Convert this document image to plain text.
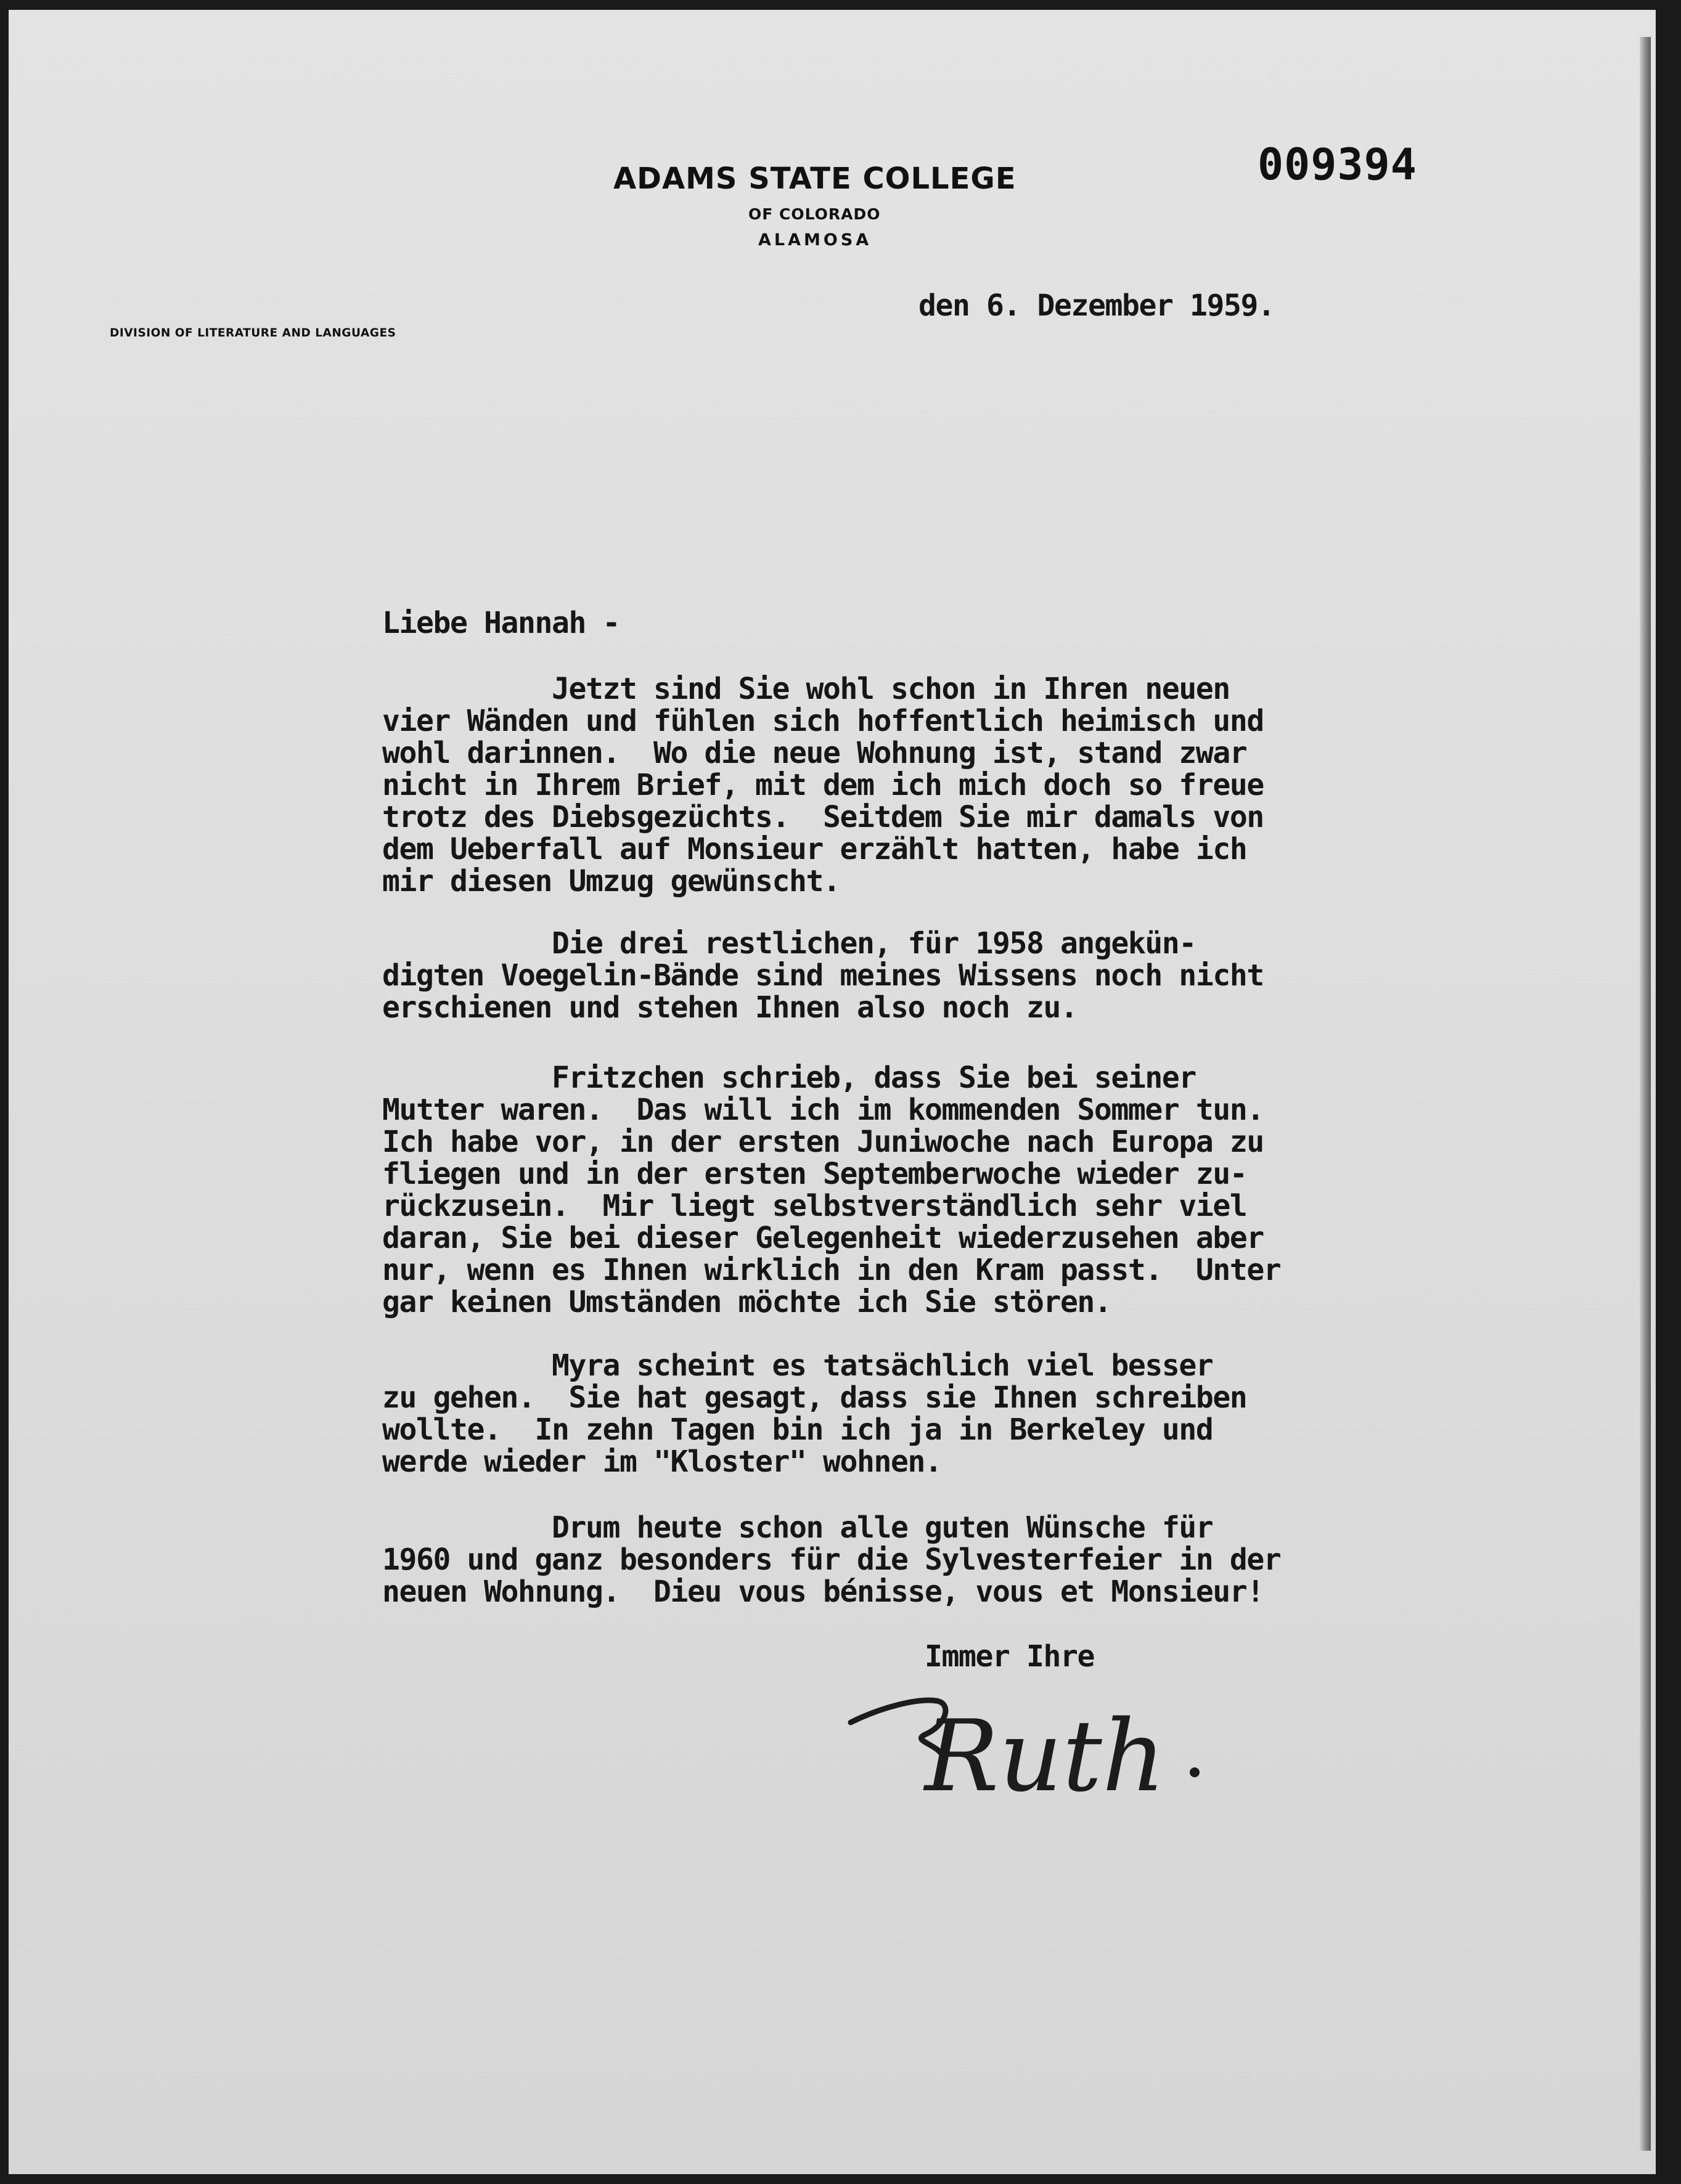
ADAMS STATE COLLEGE
OF COLORADO
ALAMOSA
DIVISION OF LITERATURE AND LANGUAGES
009394
den 6. Dezember 1959.
Liebe Hannah -
Jetzt sind Sie wohl schon in Ihren neuen
vier Wänden und fühlen sich hoffentlich heimisch und
wohl darinnen.  Wo die neue Wohnung ist, stand zwar
nicht in Ihrem Brief, mit dem ich mich doch so freue
trotz des Diebsgezüchts.  Seitdem Sie mir damals von
dem Ueberfall auf Monsieur erzählt hatten, habe ich
mir diesen Umzug gewünscht.
Die drei restlichen, für 1958 angekün-
digten Voegelin-Bände sind meines Wissens noch nicht
erschienen und stehen Ihnen also noch zu.
Fritzchen schrieb, dass Sie bei seiner
Mutter waren.  Das will ich im kommenden Sommer tun.
Ich habe vor, in der ersten Juniwoche nach Europa zu
fliegen und in der ersten Septemberwoche wieder zu-
rückzusein.  Mir liegt selbstverständlich sehr viel
daran, Sie bei dieser Gelegenheit wiederzusehen aber
nur, wenn es Ihnen wirklich in den Kram passt.  Unter
gar keinen Umständen möchte ich Sie stören.
Myra scheint es tatsächlich viel besser
zu gehen.  Sie hat gesagt, dass sie Ihnen schreiben
wollte.  In zehn Tagen bin ich ja in Berkeley und
werde wieder im "Kloster" wohnen.
Drum heute schon alle guten Wünsche für
1960 und ganz besonders für die Sylvesterfeier in der
neuen Wohnung.  Dieu vous bénisse, vous et Monsieur!
Immer Ihre
Ruth
